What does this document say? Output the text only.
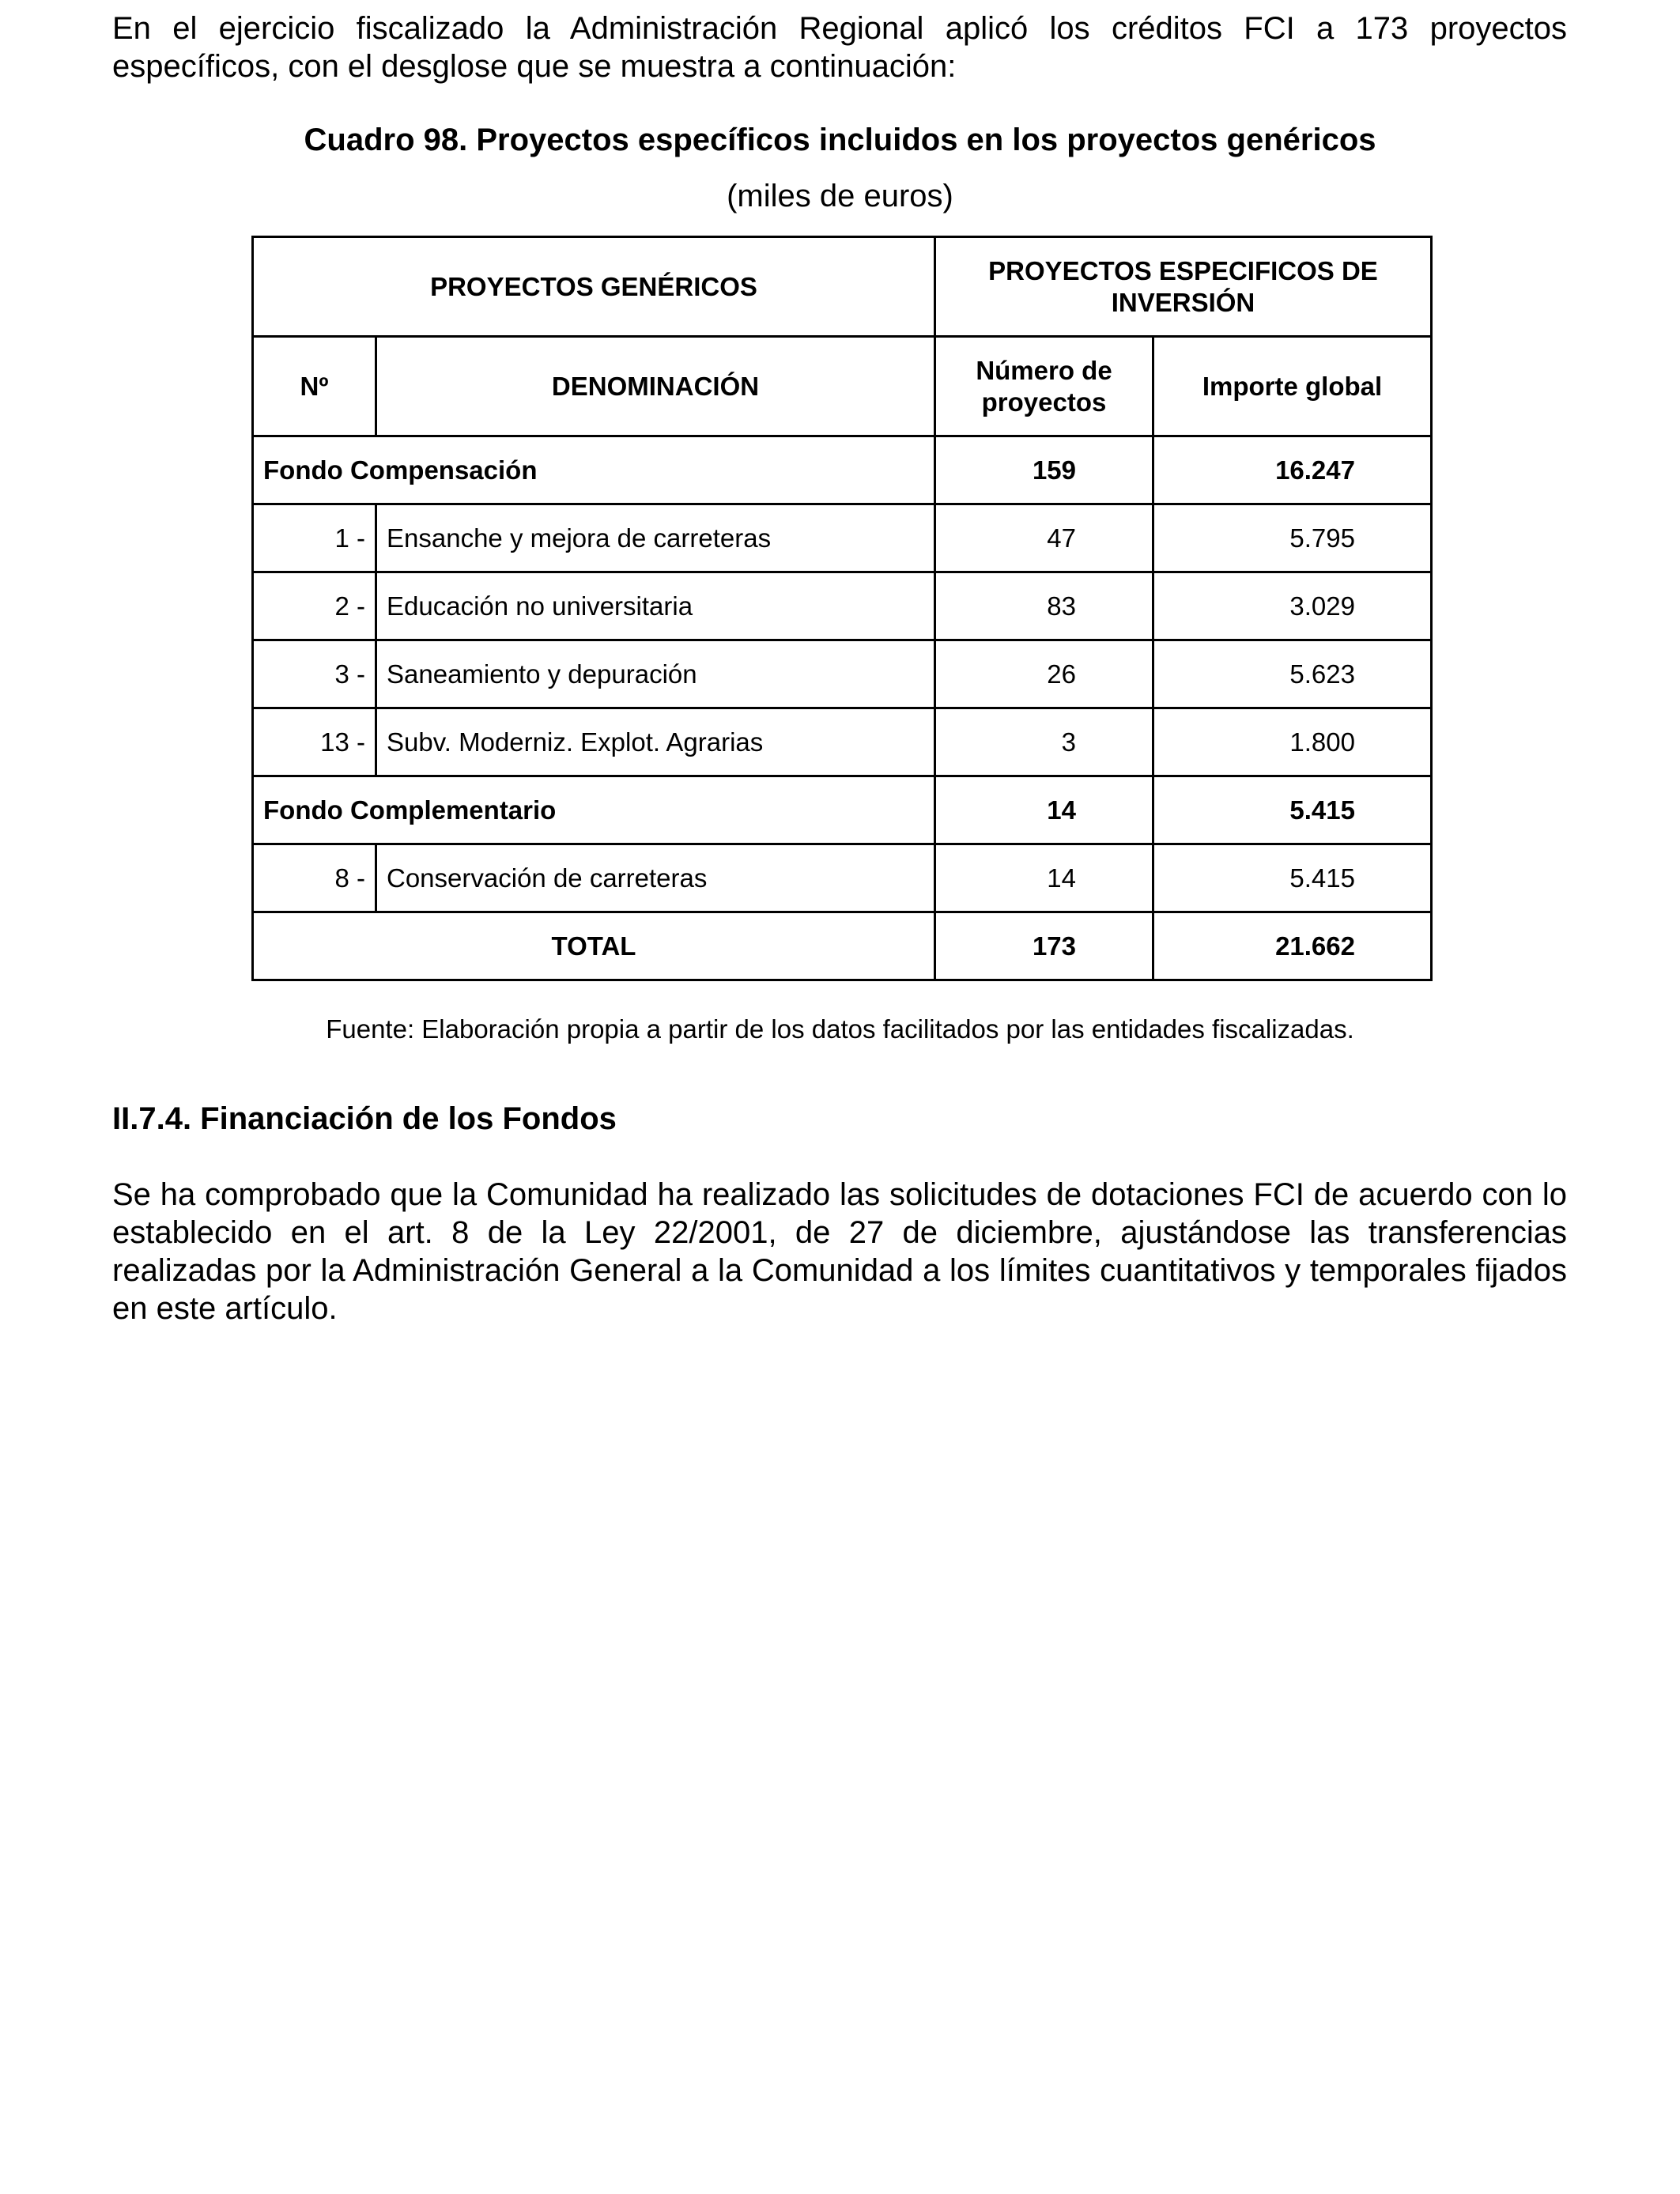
En el ejercicio fiscalizado la Administración Regional aplicó los créditos FCI a 173 proyectos específicos, con el desglose que se muestra a continuación:

Cuadro 98. Proyectos específicos incluidos en los proyectos genéricos

(miles de euros)

PROYECTOS GENÉRICOS		PROYECTOS ESPECIFICOS DE INVERSIÓN	
Nº	DENOMINACIÓN	Número de proyectos	Importe global
Fondo Compensación		159	16.247
1 -	Ensanche y mejora de carreteras	47	5.795
2 -	Educación no universitaria	83	3.029
3 -	Saneamiento y depuración	26	5.623
13 -	Subv. Moderniz. Explot. Agrarias	3	1.800
Fondo Complementario		14	5.415
8 -	Conservación de carreteras	14	5.415
TOTAL		173	21.662

Fuente: Elaboración propia a partir de los datos facilitados por las entidades fiscalizadas.

II.7.4. Financiación de los Fondos

Se ha comprobado que la Comunidad ha realizado las solicitudes de dotaciones FCI de acuerdo con lo establecido en el art. 8 de la Ley 22/2001, de 27 de diciembre, ajustándose las transferencias realizadas por la Administración General a la Comunidad a los límites cuantitativos y temporales fijados en este artículo.
